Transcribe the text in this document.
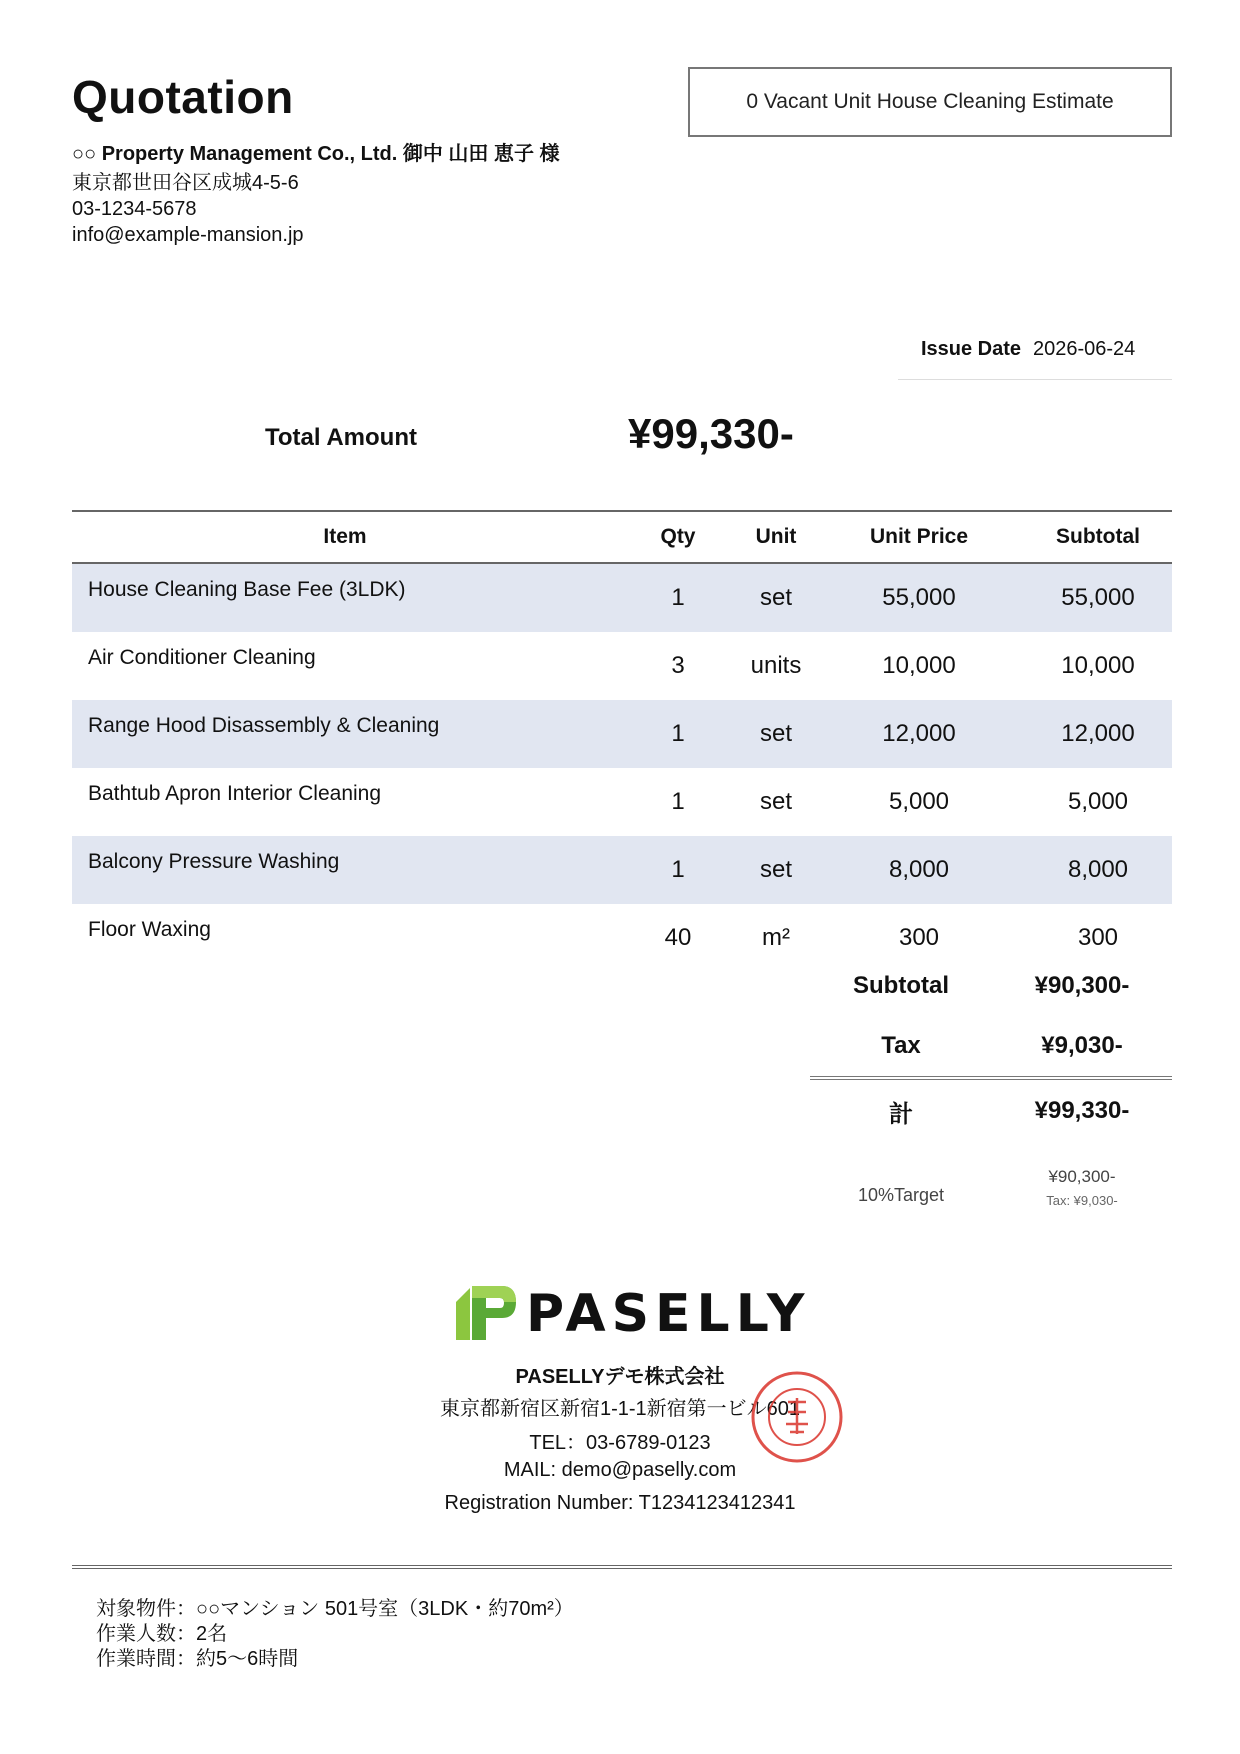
Quotation	0 Vacant Unit House Cleaning Estimate
○○ Property Management Co., Ltd. 御中 山田 恵子 様
東京都世田谷区成城4-5-6
03-1234-5678
info@example-mansion.jp
Issue Date 2026-06-24
Total Amount	¥99,330-
Item	Qty	Unit	Unit Price	Subtotal
House Cleaning Base Fee (3LDK)	1	set	55,000	55,000
Air Conditioner Cleaning	3	units	10,000	10,000
Range Hood Disassembly & Cleaning	1	set	12,000	12,000
Bathtub Apron Interior Cleaning	1	set	5,000	5,000
Balcony Pressure Washing	1	set	8,000	8,000
Floor Waxing	40	m²	300	300
Subtotal	¥90,300-
Tax	¥9,030-
計	¥99,330-
10%Target	¥90,300-
Tax: ¥9,030-
PASELLY
PASELLYデモ株式会社
東京都新宿区新宿1-1-1新宿第一ビル601
TEL：03-6789-0123
MAIL: demo@paselly.com
Registration Number: T1234123412341
対象物件：○○マンション 501号室（3LDK・約70m²）
作業人数：2名
作業時間：約5〜6時間
